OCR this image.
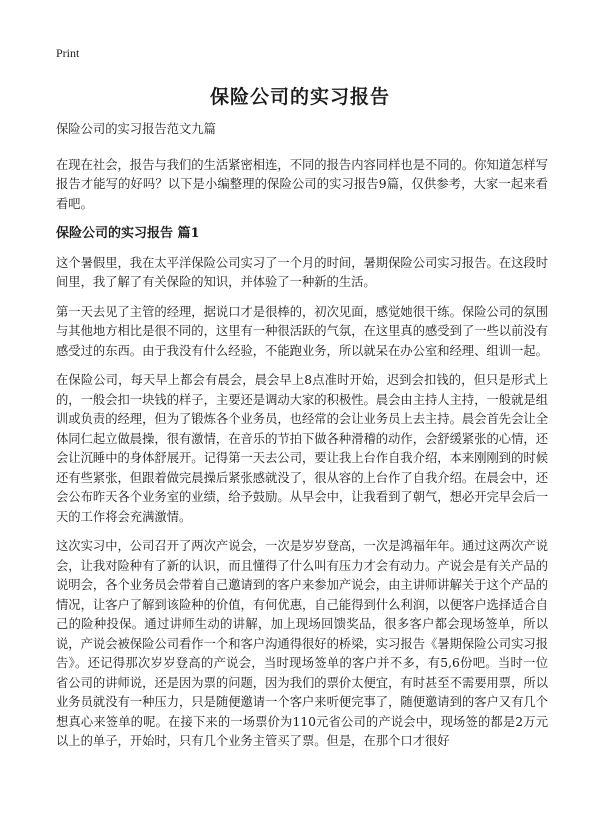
Print
保险公司的实习报告

保险公司的实习报告范文九篇

在现在社会，报告与我们的生活紧密相连，不同的报告内容同样也是不同的。你知道怎样写报告才能写的好吗？以下是小编整理的保险公司的实习报告9篇，仅供参考，大家一起来看看吧。

保险公司的实习报告 篇1

这个暑假里，我在太平洋保险公司实习了一个月的时间，暑期保险公司实习报告。在这段时间里，我了解了有关保险的知识，并体验了一种新的生活。

第一天去见了主管的经理，据说口才是很棒的，初次见面，感觉她很干练。保险公司的氛围与其他地方相比是很不同的，这里有一种很活跃的气氛，在这里真的感受到了一些以前没有感受过的东西。由于我没有什么经验，不能跑业务，所以就呆在办公室和经理、组训一起。

在保险公司，每天早上都会有晨会，晨会早上8点准时开始，迟到会扣钱的，但只是形式上的，一般会扣一块钱的样子，主要还是调动大家的积极性。晨会由主持人主持，一般就是组训或负责的经理，但为了锻炼各个业务员，也经常的会让业务员上去主持。晨会首先会让全体同仁起立做晨操，很有激情，在音乐的节拍下做各种滑稽的动作，会舒缓紧张的心情，还会让沉睡中的身体舒展开。记得第一天去公司，要让我上台作自我介绍，本来刚刚到的时候还有些紧张，但跟着做完晨操后紧张感就没了，很从容的上台作了自我介绍。在晨会中，还会公布昨天各个业务室的业绩，给予鼓励。从早会中，让我看到了朝气，想必开完早会后一天的工作将会充满激情。

这次实习中，公司召开了两次产说会，一次是岁岁登高，一次是鸿福年年。通过这两次产说会，让我对险种有了新的认识，而且懂得了什么叫有压力才会有动力。产说会是有关产品的说明会，各个业务员会带着自己邀请到的客户来参加产说会，由主讲师讲解关于这个产品的情况，让客户了解到该险种的价值，有何优惠，自己能得到什么利润，以便客户选择适合自己的险种投保。通过讲师生动的讲解，加上现场回馈奖品，很多客户都会现场签单，所以说，产说会被保险公司看作一个和客户沟通得很好的桥梁，实习报告《暑期保险公司实习报告》。还记得那次岁岁登高的产说会，当时现场签单的客户并不多，有5,6份吧。当时一位省公司的讲师说，还是因为票的问题，因为我们的票价太便宜，有时甚至不需要用票，所以业务员就没有一种压力，只是随便邀请一个客户来听便完事了，随便邀请到的客户又有几个想真心来签单的呢。在接下来的一场票价为110元省公司的产说会中，现场签的都是2万元以上的单子，开始时，只有几个业务主管买了票。但是，在那个口才很好
